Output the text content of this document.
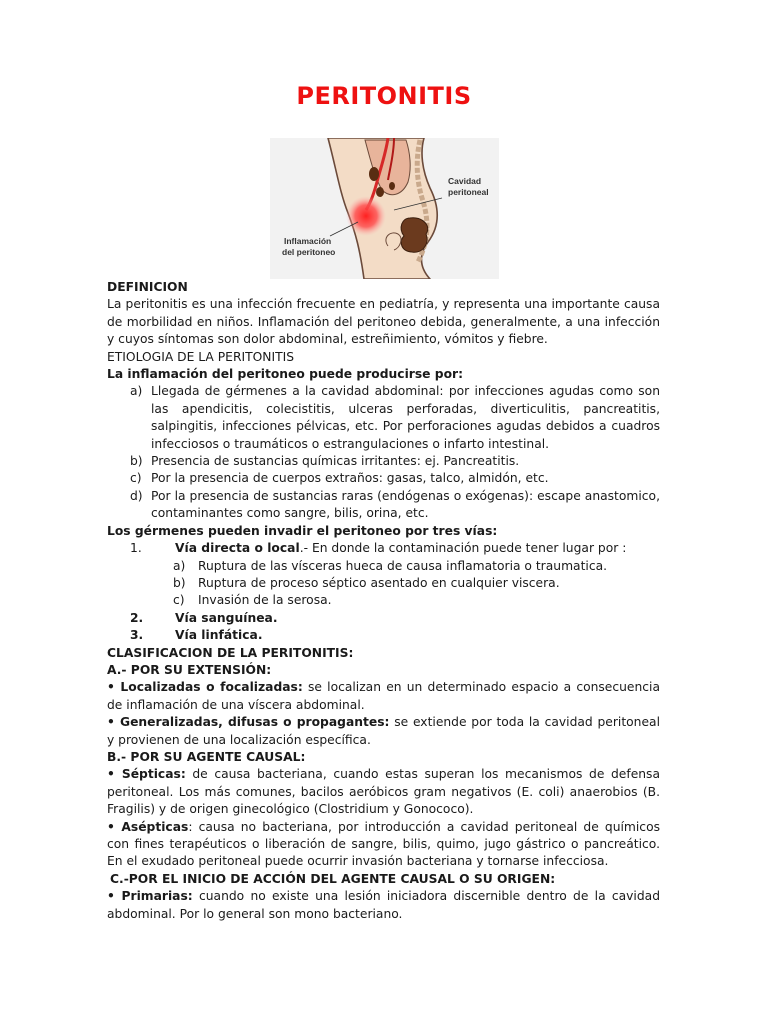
PERITONITIS
Cavidad
peritoneal
Inflamación
del peritoneo

DEFINICION

La peritonitis es una infección frecuente en pediatría, y representa una importante causa de morbilidad en niños. Inflamación del peritoneo debida, generalmente, a una infección y cuyos síntomas son dolor abdominal, estreñimiento, vómitos y fiebre.

ETIOLOGIA DE LA PERITONITIS

La inflamación del peritoneo puede producirse por:

a) Llegada de gérmenes a la cavidad abdominal: por infecciones agudas como son las apendicitis, colecistitis, ulceras perforadas, diverticulitis, pancreatitis, salpingitis, infecciones pélvicas, etc. Por perforaciones agudas debidos a cuadros infecciosos o traumáticos o estrangulaciones o infarto intestinal.
b) Presencia de sustancias químicas irritantes: ej. Pancreatitis.
c) Por la presencia de cuerpos extraños: gasas, talco, almidón, etc.
d) Por la presencia de sustancias raras (endógenas o exógenas): escape anastomico, contaminantes como sangre, bilis, orina, etc.

Los gérmenes pueden invadir el peritoneo por tres vías:

1.	Vía directa o local.- En donde la contaminación puede tener lugar por :
a)	Ruptura de las vísceras hueca de causa inflamatoria o traumatica.
b)	Ruptura de proceso séptico asentado en cualquier viscera.
c)	Invasión de la serosa.
2.	Vía sanguínea.
3.	Vía linfática.

CLASIFICACION DE LA PERITONITIS:

A.- POR SU EXTENSIÓN:

• Localizadas o focalizadas: se localizan en un determinado espacio a consecuencia de inflamación de una víscera abdominal.

• Generalizadas, difusas o propagantes: se extiende por toda la cavidad peritoneal y provienen de una localización específica.

B.- POR SU AGENTE CAUSAL:

• Sépticas: de causa bacteriana, cuando estas superan los mecanismos de defensa peritoneal. Los más comunes, bacilos aeróbicos gram negativos (E. coli) anaerobios (B. Fragilis) y de origen ginecológico (Clostridium y Gonococo).

• Asépticas: causa no bacteriana, por introducción a cavidad peritoneal de químicos con fines terapéuticos o liberación de sangre, bilis, quimo, jugo gástrico o pancreático. En el exudado peritoneal puede ocurrir invasión bacteriana y tornarse infecciosa.

C.-POR EL INICIO DE ACCIÓN DEL AGENTE CAUSAL O SU ORIGEN:

• Primarias: cuando no existe una lesión iniciadora discernible dentro de la cavidad abdominal. Por lo general son mono bacteriano.
